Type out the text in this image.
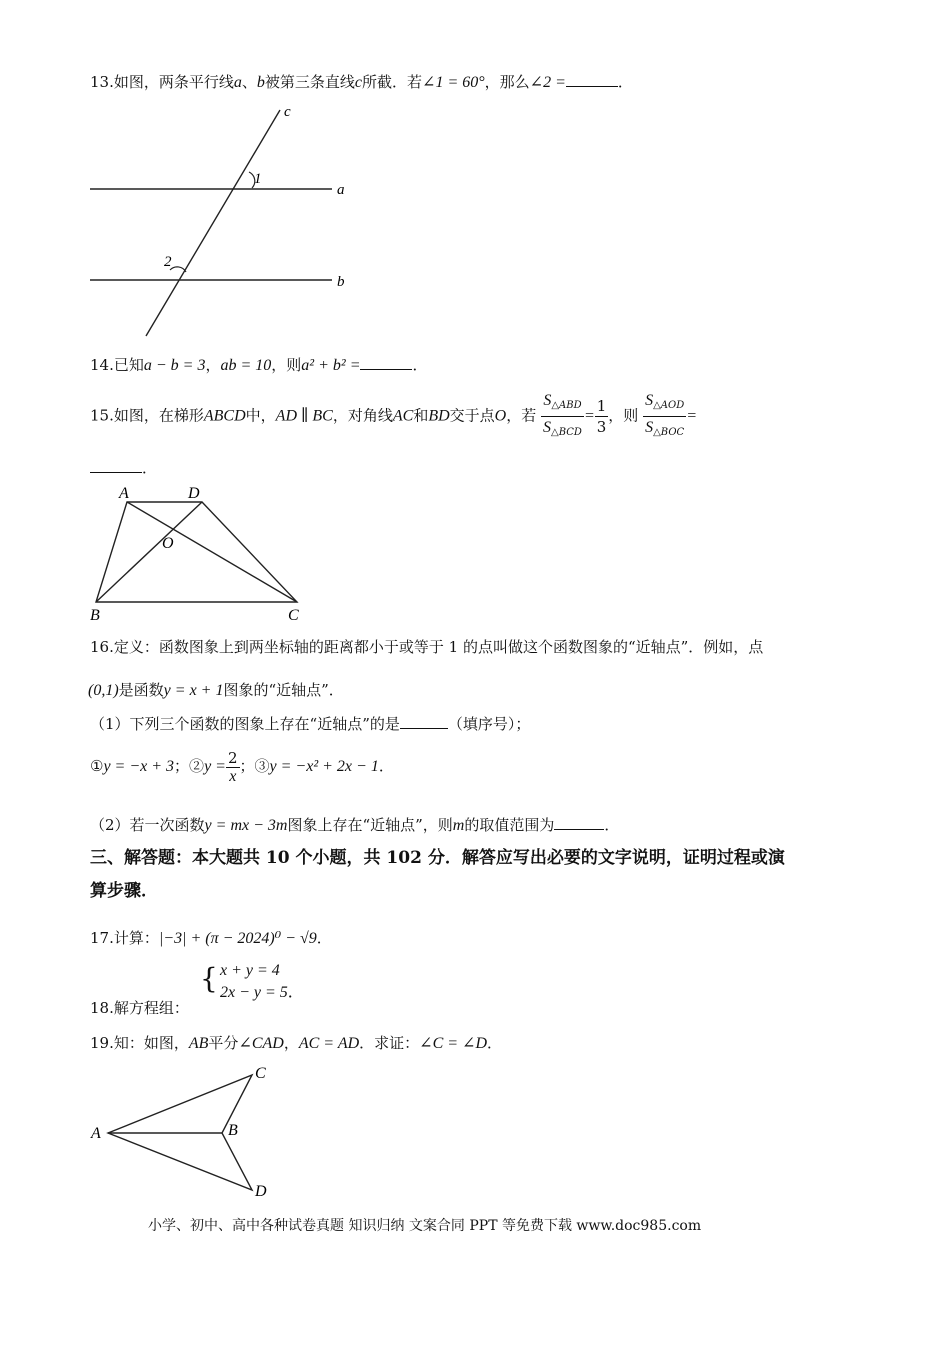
13.如图，两条平行线a、b被第三条直线c所截．若∠1 = 60°，那么∠2 =	．
c
1
a
2
b
14.已知a − b = 3，ab = 10，则a² + b² =	．
15.如图，在梯形ABCD中，AD ∥ BC，对角线AC和BD交于点O，若 $\frac{S_{\triangle ABD}}{S_{\triangle BCD}} = \frac{1}{3}$ ，则 $\frac{S_{\triangle AOD}}{S_{\triangle BOC}}$ =
．
A	D
O
B	C
16.定义：函数图象上到两坐标轴的距离都小于或等于 1 的点叫做这个函数图象的“近轴点”．例如，点
(0,1)是函数y = x + 1图象的“近轴点”．
（1）下列三个函数的图象上存在“近轴点”的是	（填序号）；
①y = −x + 3；②y = $\frac{2}{x}$ ；③y = −x² + 2x − 1．
（2）若一次函数y = mx − 3m图象上存在“近轴点”，则m的取值范围为	．
三、解答题：本大题共 10 个小题，共 102 分．解答应写出必要的文字说明，证明过程或演
算步骤．
17.计算：|−3| + (π − 2024)⁰ − √9．
{ x + y = 4
2x − y = 5．
18.解方程组：
19.知：如图，AB平分∠CAD，AC = AD．求证：∠C = ∠D．
A	B
C
D
小学、初中、高中各种试卷真题 知识归纳 文案合同 PPT 等免费下载 www.doc985.com
